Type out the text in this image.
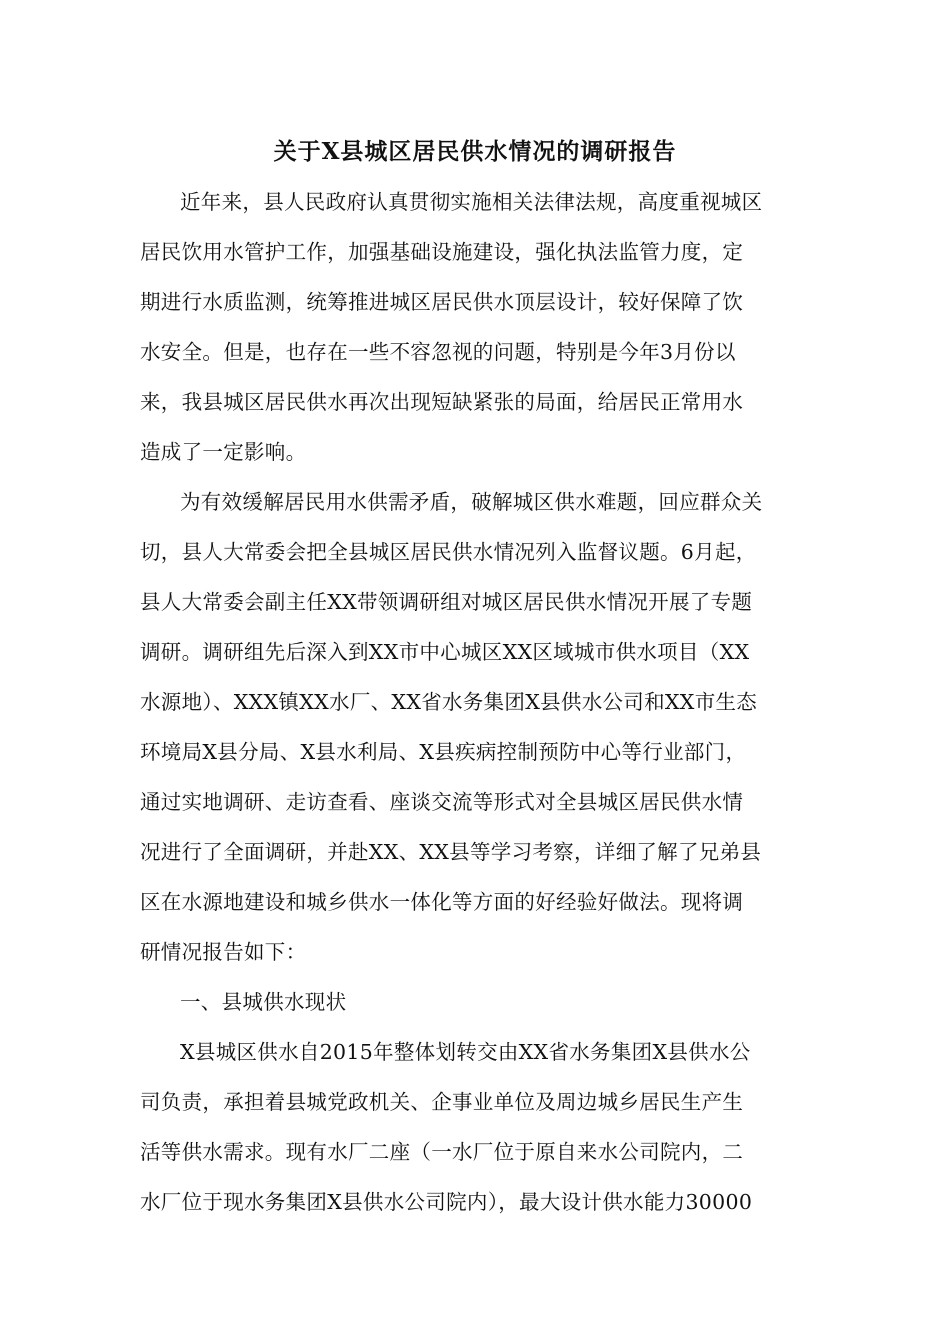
关于X县城区居民供水情况的调研报告
近年来，县人民政府认真贯彻实施相关法律法规，高度重视城区
居民饮用水管护工作，加强基础设施建设，强化执法监管力度，定
期进行水质监测，统筹推进城区居民供水顶层设计，较好保障了饮
水安全。但是，也存在一些不容忽视的问题，特别是今年3月份以
来，我县城区居民供水再次出现短缺紧张的局面，给居民正常用水
造成了一定影响。
为有效缓解居民用水供需矛盾，破解城区供水难题，回应群众关
切，县人大常委会把全县城区居民供水情况列入监督议题。6月起，
县人大常委会副主任XX带领调研组对城区居民供水情况开展了专题
调研。调研组先后深入到XX市中心城区XX区域城市供水项目（XX
水源地）、XXX镇XX水厂、XX省水务集团X县供水公司和XX市生态
环境局X县分局、X县水利局、X县疾病控制预防中心等行业部门，
通过实地调研、走访查看、座谈交流等形式对全县城区居民供水情
况进行了全面调研，并赴XX、XX县等学习考察，详细了解了兄弟县
区在水源地建设和城乡供水一体化等方面的好经验好做法。现将调
研情况报告如下：
一、县城供水现状
X县城区供水自2015年整体划转交由XX省水务集团X县供水公
司负责，承担着县城党政机关、企事业单位及周边城乡居民生产生
活等供水需求。现有水厂二座（一水厂位于原自来水公司院内，二
水厂位于现水务集团X县供水公司院内），最大设计供水能力30000
